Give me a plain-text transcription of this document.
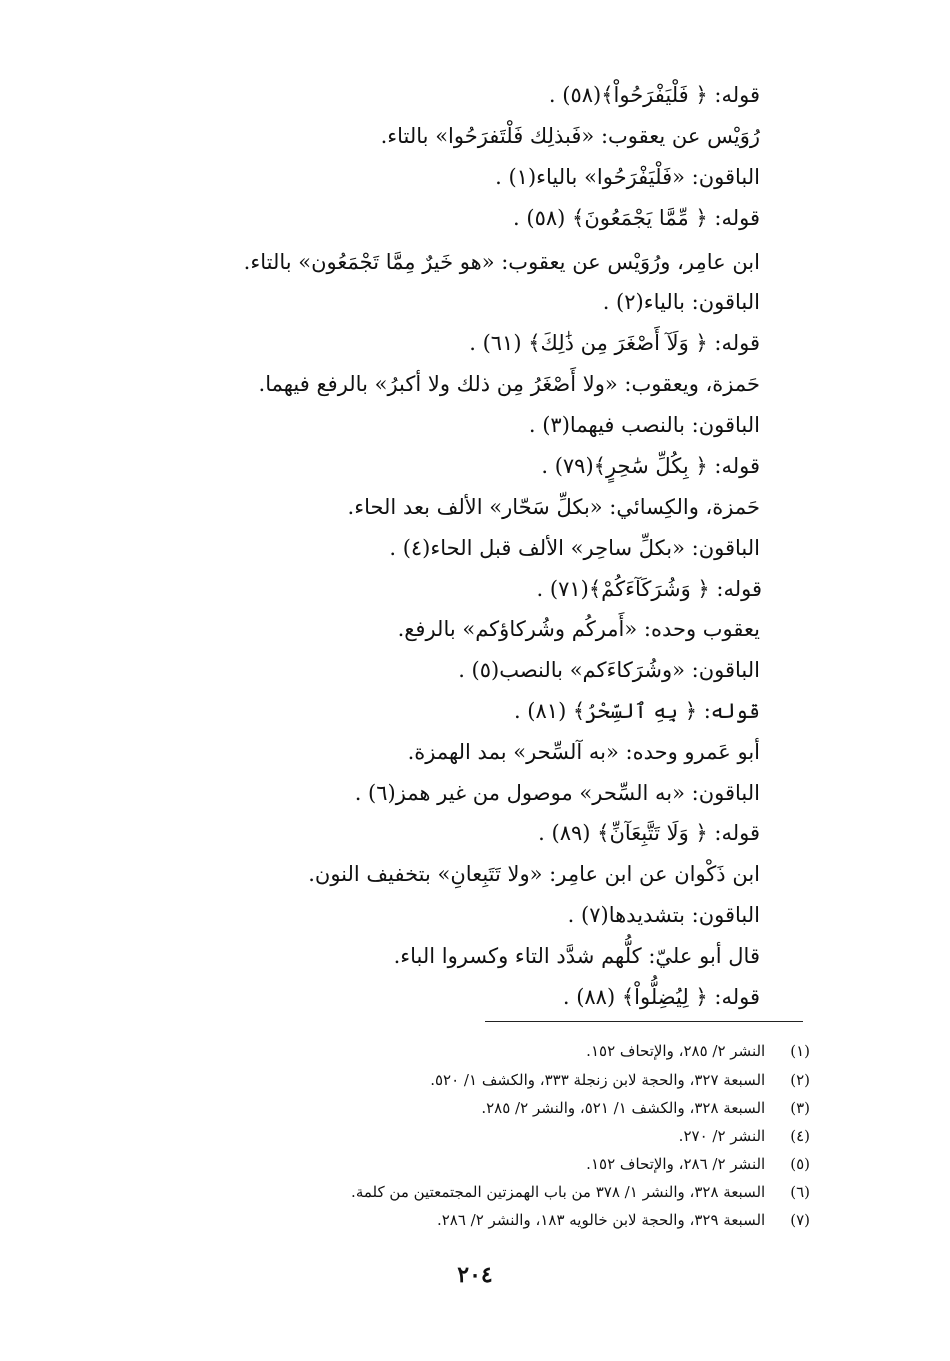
قوله: ﴿ فَلْيَفْرَحُواْ﴾(٥٨) .
رُوَيْس عن يعقوب: «فَبذلِك فَلْتَفرَحُوا» بالتاء.
الباقون: «فَلْيَفْرَحُوا» بالياء(١) .
قوله: ﴿ مِّمَّا يَجْمَعُونَ﴾ (٥٨) .
ابن عامِر، ورُوَيْس عن يعقوب: «هو خَيرٌ مِمَّا تَجْمَعُون» بالتاء.
الباقون: بالياء(٢) .
قوله: ﴿ وَلَآ أَصْغَرَ مِن ذَٰلِكَ﴾ (٦١) .
حَمزة، ويعقوب: «ولا أَصْغَرُ مِن ذلك ولا أكبرُ» بالرفع فيهما.
الباقون: بالنصب فيهما(٣) .
قوله: ﴿ بِكُلِّ سَٰحِرٍ﴾(٧٩) .
حَمزة، والكِسائي: «بكلِّ سَحّار» الألف بعد الحاء.
الباقون: «بكلِّ ساحِر» الألف قبل الحاء(٤) .
قوله: ﴿ وَشُرَكَآءَكُمْ﴾(٧١) .
يعقوب وحده: «أَمركُم وشُركاؤكم» بالرفع.
الباقون: «وشُرَكاءَكم» بالنصب(٥) .
قوله: ﴿ بِهِ ٱلسِّحْرُ﴾ (٨١) .
أبو عَمرو وحده: «به آلسِّحر» بمد الهمزة.
الباقون: «به السِّحر» موصول من غير همز(٦) .
قوله: ﴿ وَلَا تَتَّبِعَآنِّ﴾ (٨٩) .
ابن ذَكْوان عن ابن عامِر: «ولا تَتَبِعانِ» بتخفيف النون.
الباقون: بتشديدها(٧) .
قال أبو عليّ: كلُّهم شدَّد التاء وكسروا الباء.
قوله: ﴿ لِيُضِلُّواْ﴾ (٨٨) .
(١) النشر ٢/ ٢٨٥، والإتحاف ١٥٢.
(٢) السبعة ٣٢٧، والحجة لابن زنجلة ٣٣٣، والكشف ١/ ٥٢٠.
(٣) السبعة ٣٢٨، والكشف ١/ ٥٢١، والنشر ٢/ ٢٨٥.
(٤) النشر ٢/ ٢٧٠.
(٥) النشر ٢/ ٢٨٦، والإتحاف ١٥٢.
(٦) السبعة ٣٢٨، والنشر ١/ ٣٧٨ من باب الهمزتين المجتمعتين من كلمة.
(٧) السبعة ٣٢٩، والحجة لابن خالويه ١٨٣، والنشر ٢/ ٢٨٦.
٢٠٤
